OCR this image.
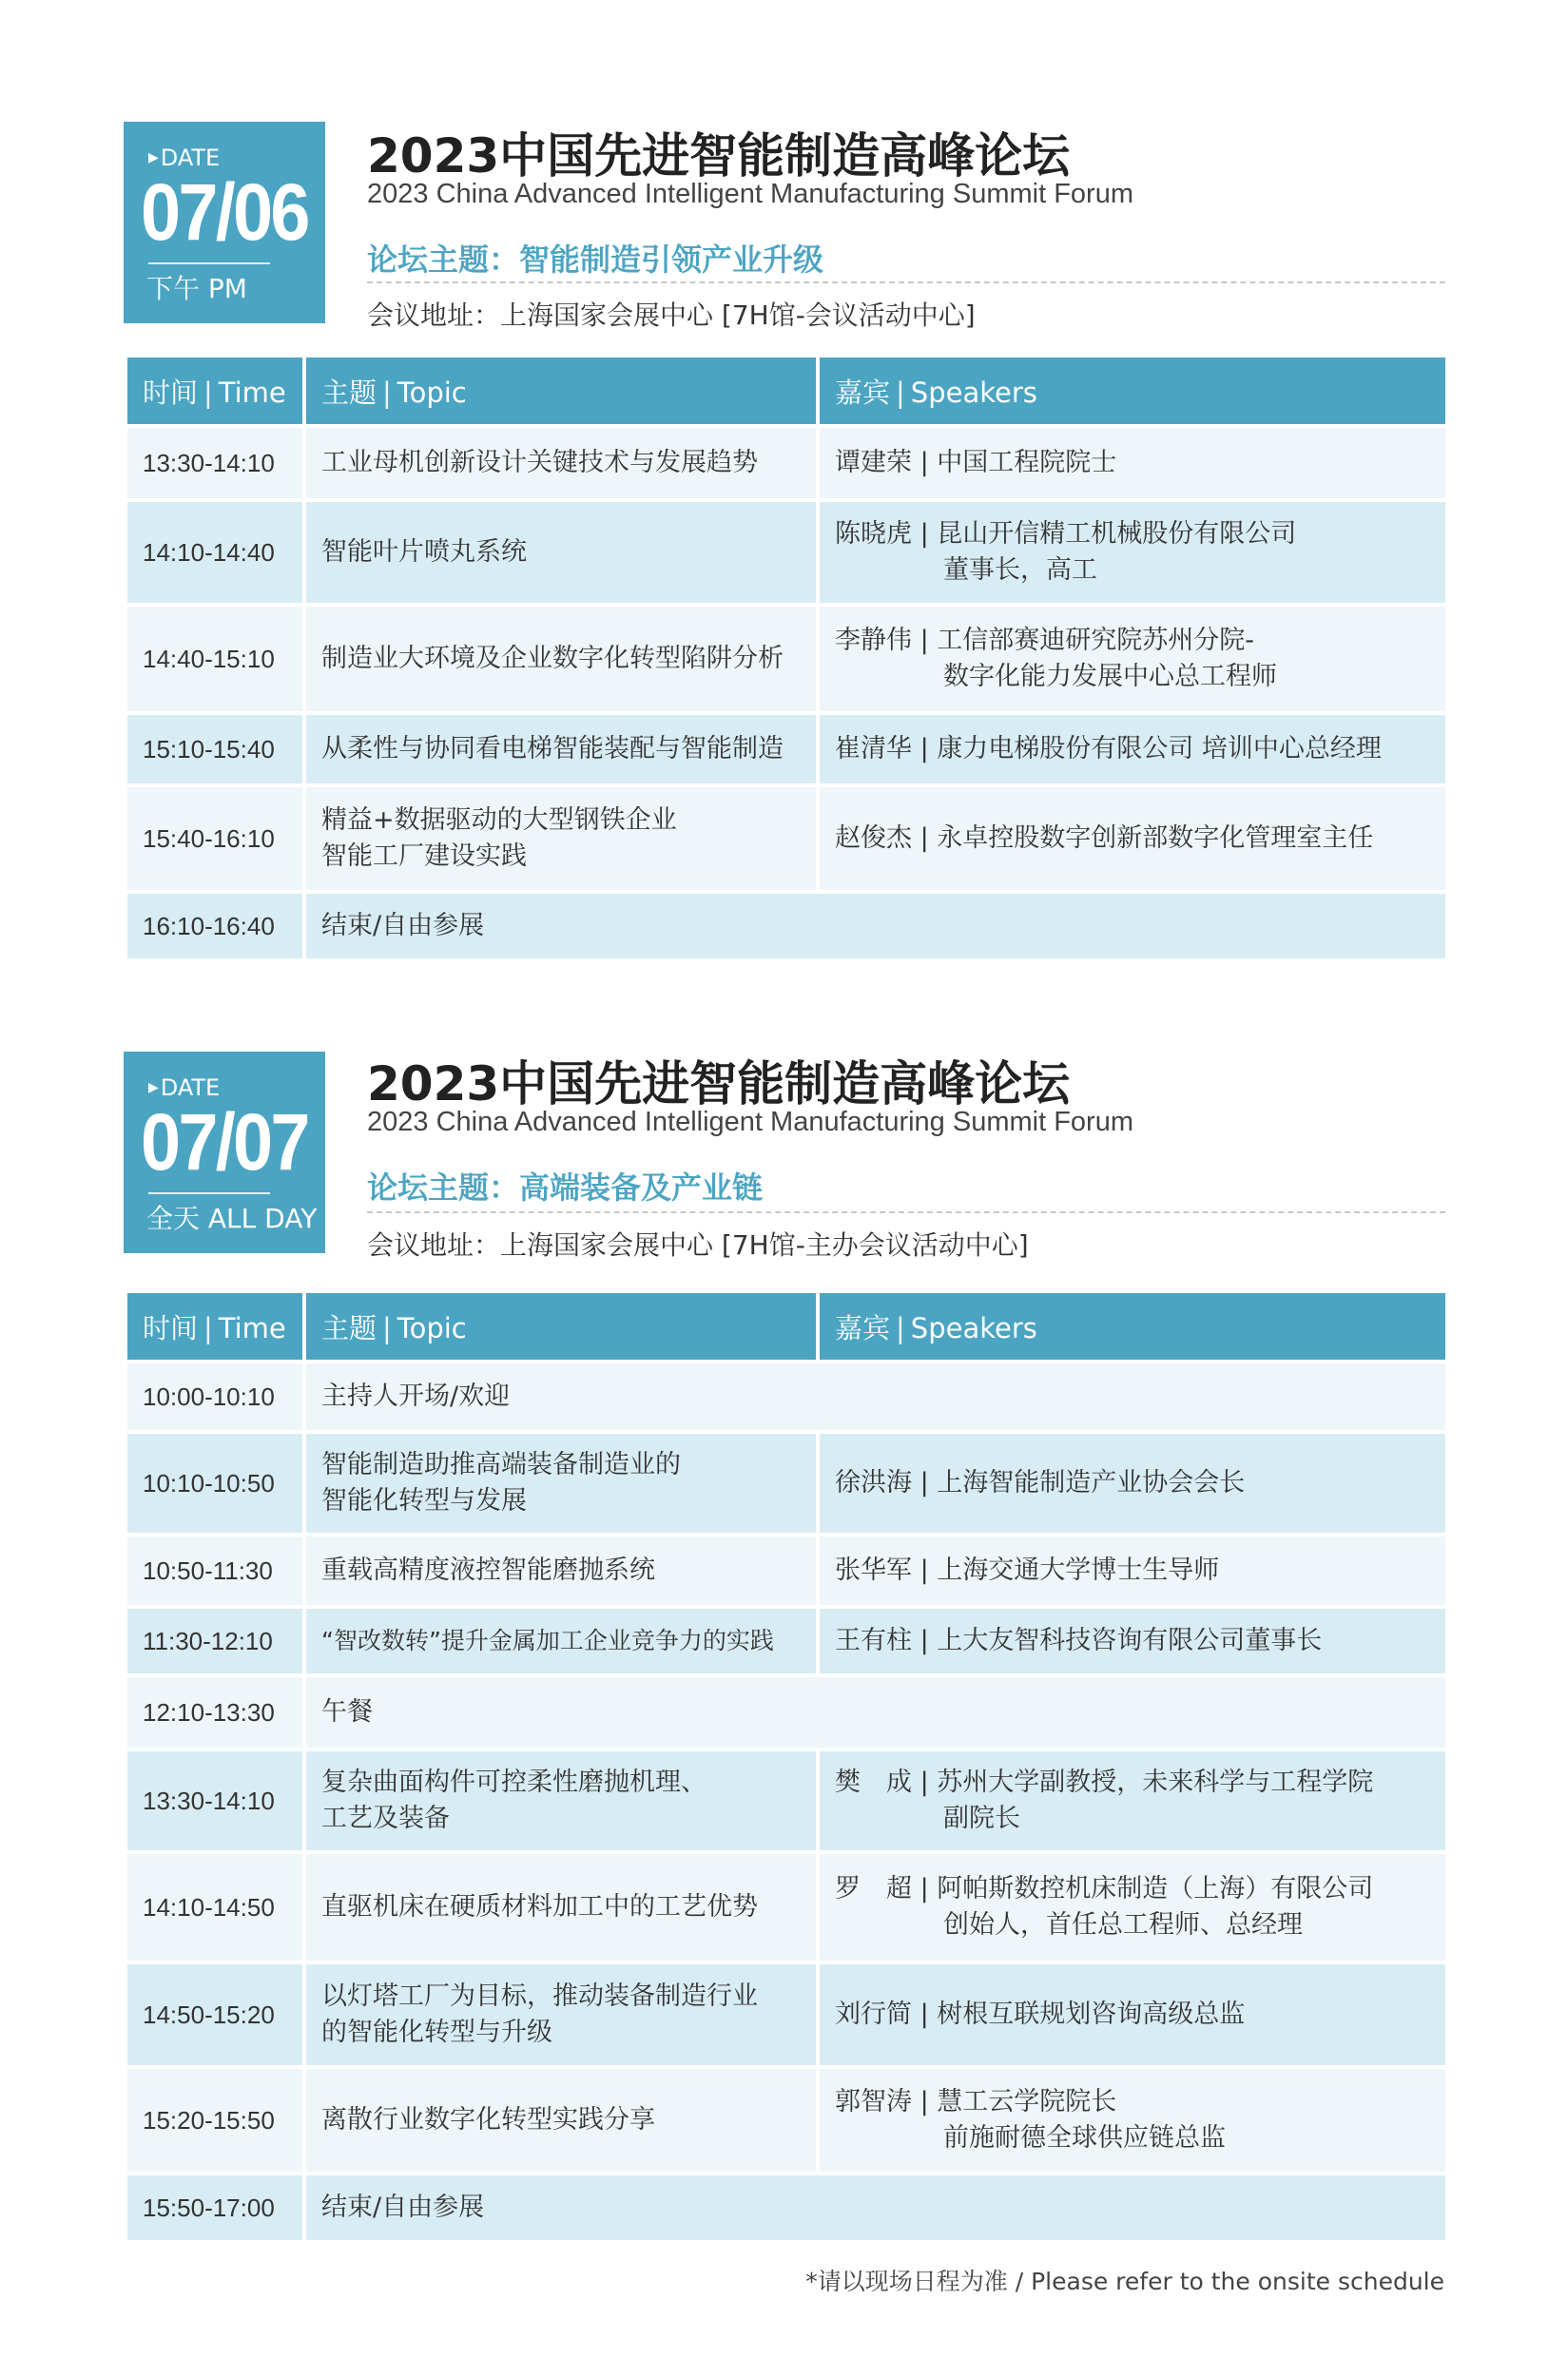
▶DATE
07/06
下午 PM
2023中国先进智能制造高峰论坛
2023 China Advanced Intelligent Manufacturing Summit Forum
论坛主题：智能制造引领产业升级
会议地址：上海国家会展中心 [7H馆-会议活动中心]
时间 | Time	主题 | Topic	嘉宾 | Speakers
13:30-14:10	工业母机创新设计关键技术与发展趋势	谭建荣 | 中国工程院院士
14:10-14:40	智能叶片喷丸系统	陈晓虎 | 昆山开信精工机械股份有限公司
董事长，高工

14:40-15:10	制造业大环境及企业数字化转型陷阱分析	李静伟 | 工信部赛迪研究院苏州分院-
数字化能力发展中心总工程师

15:10-15:40	从柔性与协同看电梯智能装配与智能制造	崔清华 | 康力电梯股份有限公司 培训中心总经理
15:40-16:10	精益+数据驱动的大型钢铁企业
智能工厂建设实践	赵俊杰 | 永卓控股数字创新部数字化管理室主任
16:10-16:40	结束/自由参展	
▶DATE
07/07
全天 ALL DAY
2023中国先进智能制造高峰论坛
2023 China Advanced Intelligent Manufacturing Summit Forum
论坛主题：高端装备及产业链
会议地址：上海国家会展中心 [7H馆-主办会议活动中心]
时间 | Time	主题 | Topic	嘉宾 | Speakers
10:00-10:10	主持人开场/欢迎	
10:10-10:50	智能制造助推高端装备制造业的
智能化转型与发展	徐洪海 | 上海智能制造产业协会会长
10:50-11:30	重载高精度液控智能磨抛系统	张华军 | 上海交通大学博士生导师
11:30-12:10	“智改数转”提升金属加工企业竞争力的实践	王有柱 | 上大友智科技咨询有限公司董事长
12:10-13:30	午餐	
13:30-14:10	复杂曲面构件可控柔性磨抛机理、
工艺及装备	樊　成 | 苏州大学副教授，未来科学与工程学院
副院长

14:10-14:50	直驱机床在硬质材料加工中的工艺优势	罗　超 | 阿帕斯数控机床制造（上海）有限公司
创始人，首任总工程师、总经理

14:50-15:20	以灯塔工厂为目标，推动装备制造行业
的智能化转型与升级	刘行简 | 树根互联规划咨询高级总监
15:20-15:50	离散行业数字化转型实践分享	郭智涛 | 慧工云学院院长
前施耐德全球供应链总监

15:50-17:00	结束/自由参展	
*请以现场日程为准 / Please refer to the onsite schedule
